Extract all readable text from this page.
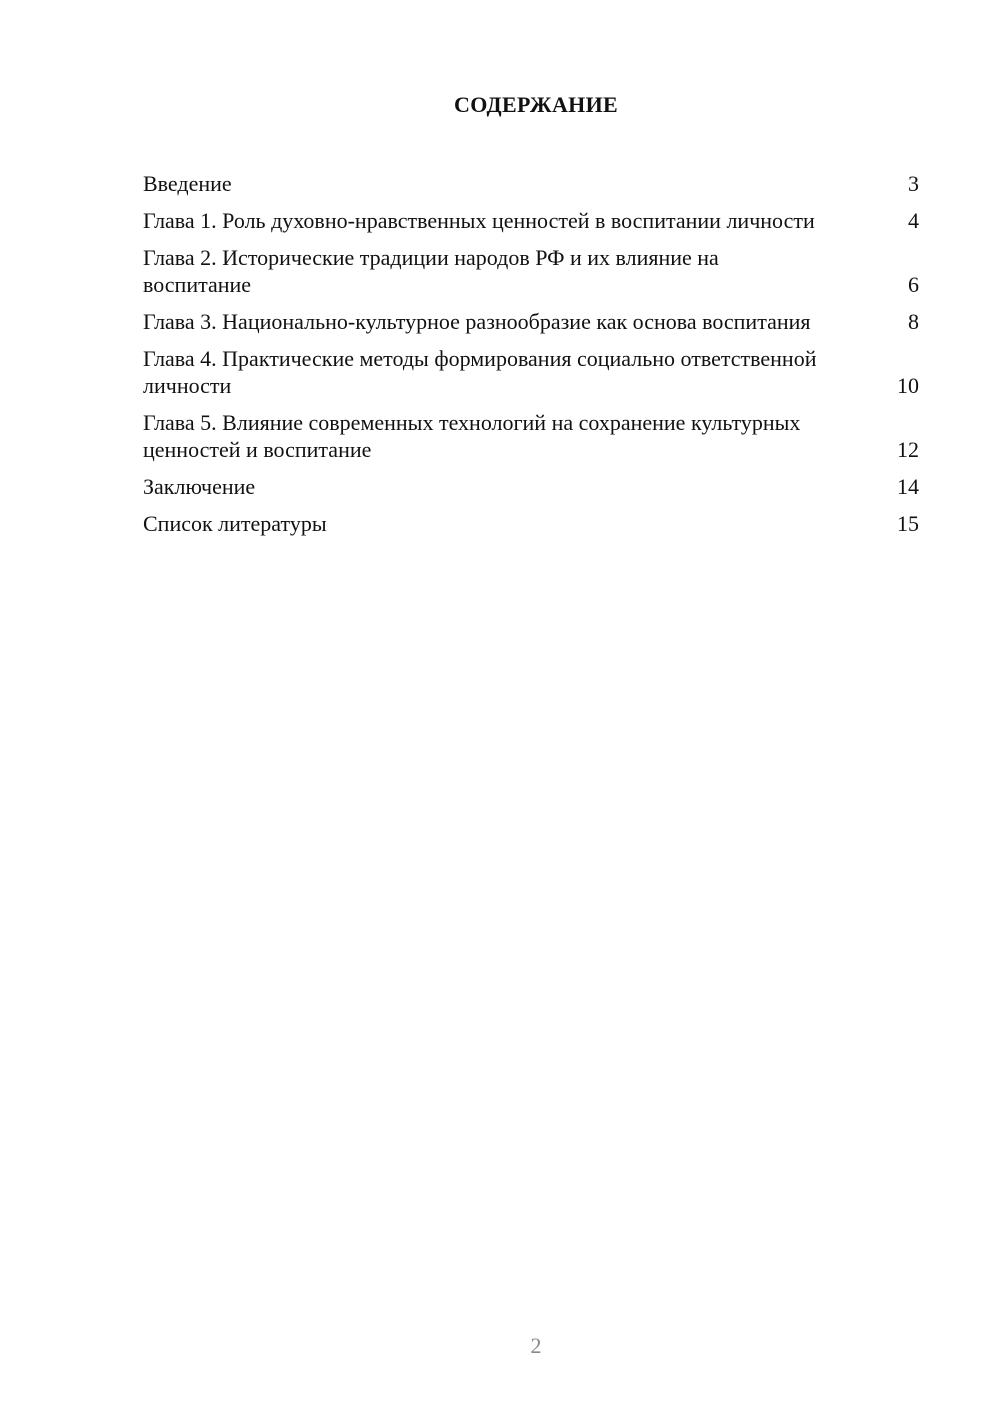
СОДЕРЖАНИЕ
Введение	3
Глава 1. Роль духовно-нравственных ценностей в воспитании личности	4
Глава 2. Исторические традиции народов РФ и их влияние на воспитание	6
Глава 3. Национально-культурное разнообразие как основа воспитания	8
Глава 4. Практические методы формирования социально ответственной личности	10
Глава 5. Влияние современных технологий на сохранение культурных ценностей и воспитание	12
Заключение	14
Список литературы	15
2
